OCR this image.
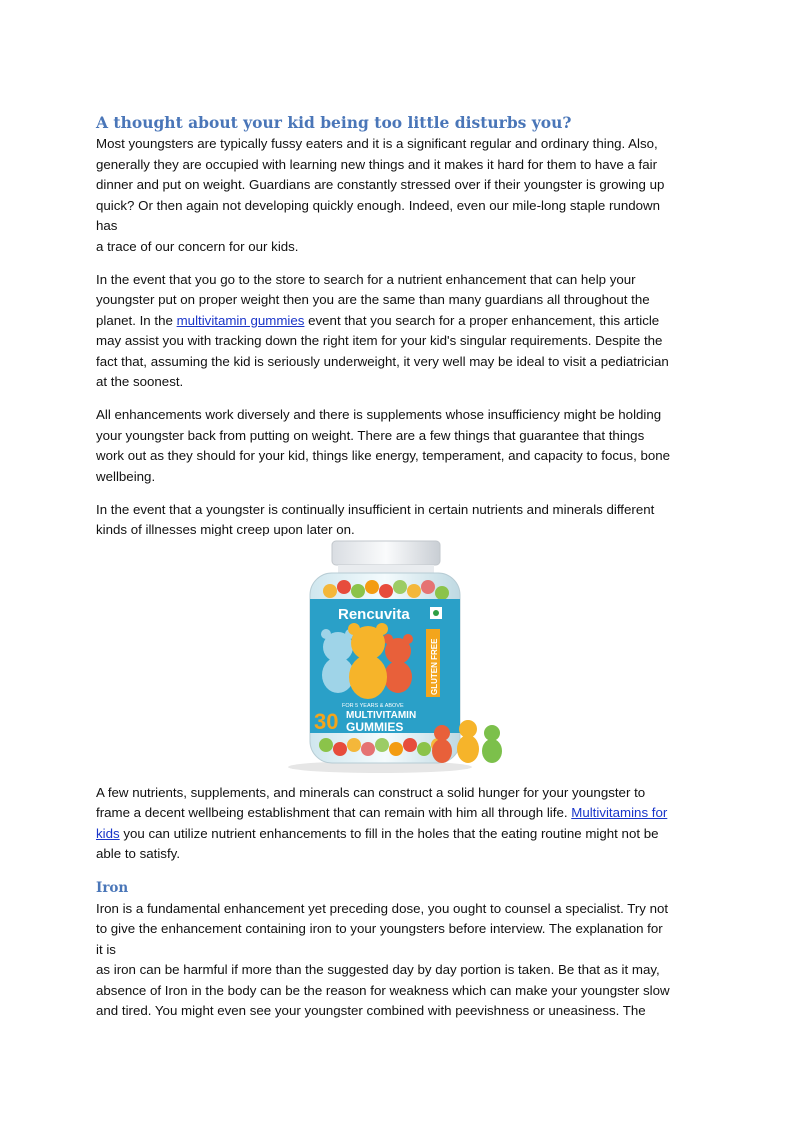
A thought about your kid being too little disturbs you?

Most youngsters are typically fussy eaters and it is a significant regular and ordinary thing. Also,
generally they are occupied with learning new things and it makes it hard for them to have a fair
dinner and put on weight. Guardians are constantly stressed over if their youngster is growing up
quick? Or then again not developing quickly enough. Indeed, even our mile-long staple rundown
has
a trace of our concern for our kids.

In the event that you go to the store to search for a nutrient enhancement that can help your
youngster put on proper weight then you are the same than many guardians all throughout the
planet. In the multivitamin gummies event that you search for a proper enhancement, this article
may assist you with tracking down the right item for your kid's singular requirements. Despite the
fact that, assuming the kid is seriously underweight, it very well may be ideal to visit a pediatrician
at the soonest.

All enhancements work diversely and there is supplements whose insufficiency might be holding
your youngster back from putting on weight. There are a few things that guarantee that things
work out as they should for your kid, things like energy, temperament, and capacity to focus, bone
wellbeing.

In the event that a youngster is continually insufficient in certain nutrients and minerals different
kinds of illnesses might creep upon later on.

Rencuvita
GLUTEN FREE
FOR 5 YEARS & ABOVE
30 MULTIVITAMIN
GUMMIES

A few nutrients, supplements, and minerals can construct a solid hunger for your youngster to
frame a decent wellbeing establishment that can remain with him all through life. Multivitamins for
kids you can utilize nutrient enhancements to fill in the holes that the eating routine might not be
able to satisfy.

Iron

Iron is a fundamental enhancement yet preceding dose, you ought to counsel a specialist. Try not
to give the enhancement containing iron to your youngsters before interview. The explanation for
it is
as iron can be harmful if more than the suggested day by day portion is taken. Be that as it may,
absence of Iron in the body can be the reason for weakness which can make your youngster slow
and tired. You might even see your youngster combined with peevishness or uneasiness. The
